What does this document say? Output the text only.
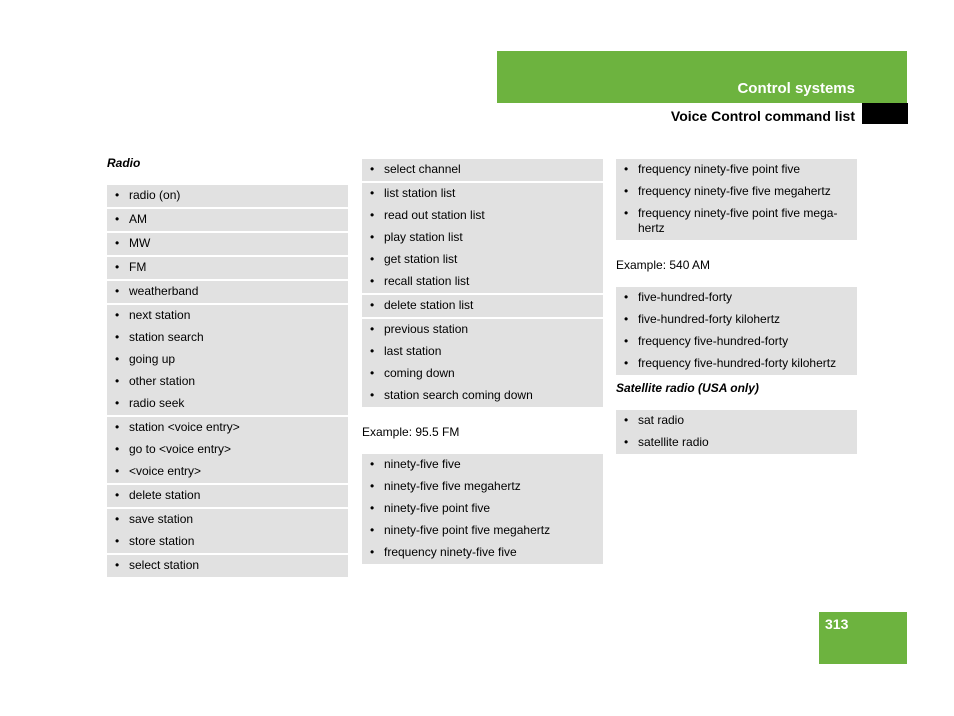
Control systems
Voice Control command list
Radio
• radio (on)
• AM
• MW
• FM
• weatherband
• next station
• station search
• going up
• other station
• radio seek
• station <voice entry>
• go to <voice entry>
• <voice entry>
• delete station
• save station
• store station
• select station
• select channel
• list station list
• read out station list
• play station list
• get station list
• recall station list
• delete station list
• previous station
• last station
• coming down
• station search coming down
Example: 95.5 FM
• ninety-five five
• ninety-five five megahertz
• ninety-five point five
• ninety-five point five megahertz
• frequency ninety-five five
• frequency ninety-five point five
• frequency ninety-five five megahertz
• frequency ninety-five point five mega-hertz
Example: 540 AM
• five-hundred-forty
• five-hundred-forty kilohertz
• frequency five-hundred-forty
• frequency five-hundred-forty kilohertz
Satellite radio (USA only)
• sat radio
• satellite radio
313
